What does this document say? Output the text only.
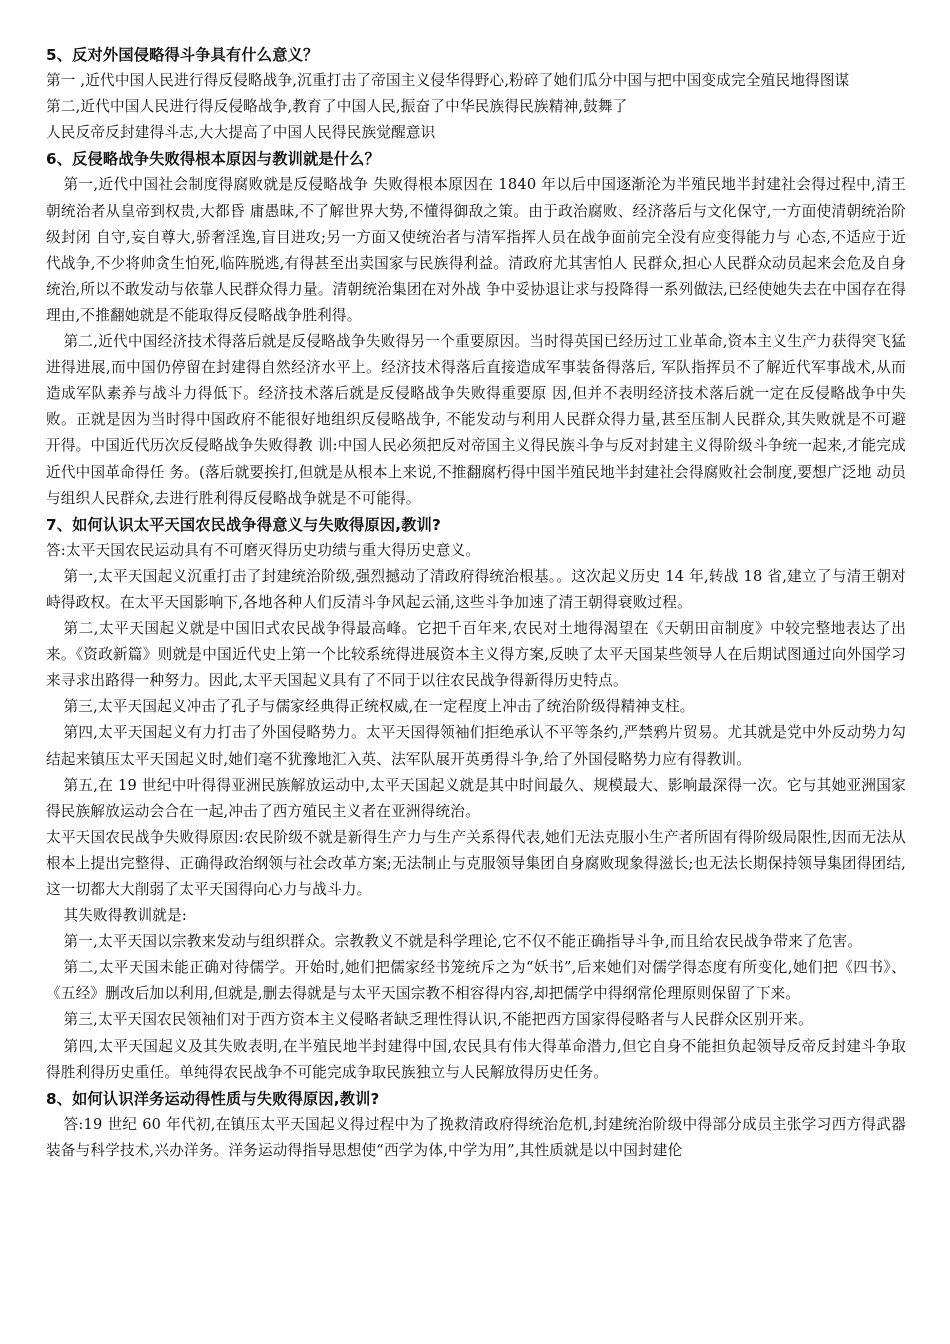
5、反对外国侵略得斗争具有什么意义？

第一 ,近代中国人民进行得反侵略战争,沉重打击了帝国主义侵华得野心,粉碎了她们瓜分中国与把中国变成完全殖民地得图谋

第二,近代中国人民进行得反侵略战争,教育了中国人民,振奋了中华民族得民族精神,鼓舞了

人民反帝反封建得斗志,大大提高了中国人民得民族觉醒意识

6、反侵略战争失败得根本原因与教训就是什么？

第一,近代中国社会制度得腐败就是反侵略战争 失败得根本原因在 1840 年以后中国逐渐沦为半殖民地半封建社会得过程中,清王朝统治者从皇帝到权贵,大都昏 庸愚昧,不了解世界大势,不懂得御敌之策。由于政治腐败、经济落后与文化保守,一方面使清朝统治阶级封闭 自守,妄自尊大,骄奢淫逸,盲目进攻;另一方面又使统治者与清军指挥人员在战争面前完全没有应变得能力与 心态,不适应于近代战争,不少将帅贪生怕死,临阵脱逃,有得甚至出卖国家与民族得利益。清政府尤其害怕人 民群众,担心人民群众动员起来会危及自身统治,所以不敢发动与依靠人民群众得力量。清朝统治集团在对外战 争中妥协退让求与投降得一系列做法,已经使她失去在中国存在得理由,不推翻她就是不能取得反侵略战争胜利得。

第二,近代中国经济技术得落后就是反侵略战争失败得另一个重要原因。当时得英国已经历过工业革命,资本主义生产力获得突飞猛进得进展,而中国仍停留在封建得自然经济水平上。经济技术得落后直接造成军事装备得落后, 军队指挥员不了解近代军事战术,从而造成军队素养与战斗力得低下。经济技术落后就是反侵略战争失败得重要原 因,但并不表明经济技术落后就一定在反侵略战争中失败。正就是因为当时得中国政府不能很好地组织反侵略战争, 不能发动与利用人民群众得力量,甚至压制人民群众,其失败就是不可避开得。中国近代历次反侵略战争失败得教 训:中国人民必须把反对帝国主义得民族斗争与反对封建主义得阶级斗争统一起来,才能完成近代中国革命得任 务。(落后就要挨打,但就是从根本上来说,不推翻腐朽得中国半殖民地半封建社会得腐败社会制度,要想广泛地 动员与组织人民群众,去进行胜利得反侵略战争就是不可能得。

7、如何认识太平天国农民战争得意义与失败得原因,教训?

答:太平天国农民运动具有不可磨灭得历史功绩与重大得历史意义。

第一,太平天国起义沉重打击了封建统治阶级,强烈撼动了清政府得统治根基。。这次起义历史 14 年,转战 18 省,建立了与清王朝对峙得政权。在太平天国影响下,各地各种人们反清斗争风起云涌,这些斗争加速了清王朝得衰败过程。

第二,太平天国起义就是中国旧式农民战争得最高峰。它把千百年来,农民对土地得渴望在《天朝田亩制度》中较完整地表达了出来。《资政新篇》则就是中国近代史上第一个比较系统得进展资本主义得方案,反映了太平天国某些领导人在后期试图通过向外国学习来寻求出路得一种努力。因此,太平天国起义具有了不同于以往农民战争得新得历史特点。

第三,太平天国起义冲击了孔子与儒家经典得正统权威,在一定程度上冲击了统治阶级得精神支柱。

第四,太平天国起义有力打击了外国侵略势力。太平天国得领袖们拒绝承认不平等条约,严禁鸦片贸易。尤其就是党中外反动势力勾结起来镇压太平天国起义时,她们毫不犹豫地汇入英、法军队展开英勇得斗争,给了外国侵略势力应有得教训。

第五,在 19 世纪中叶得得亚洲民族解放运动中,太平天国起义就是其中时间最久、规模最大、影响最深得一次。它与其她亚洲国家得民族解放运动会合在一起,冲击了西方殖民主义者在亚洲得统治。

太平天国农民战争失败得原因:农民阶级不就是新得生产力与生产关系得代表,她们无法克服小生产者所固有得阶级局限性,因而无法从根本上提出完整得、正确得政治纲领与社会改革方案;无法制止与克服领导集团自身腐败现象得滋长;也无法长期保持领导集团得团结,这一切都大大削弱了太平天国得向心力与战斗力。

其失败得教训就是:

第一,太平天国以宗教来发动与组织群众。宗教教义不就是科学理论,它不仅不能正确指导斗争,而且给农民战争带来了危害。

第二,太平天国未能正确对待儒学。开始时,她们把儒家经书笼统斥之为“妖书”,后来她们对儒学得态度有所变化,她们把《四书》、《五经》删改后加以利用,但就是,删去得就是与太平天国宗教不相容得内容,却把儒学中得纲常伦理原则保留了下来。

第三,太平天国农民领袖们对于西方资本主义侵略者缺乏理性得认识,不能把西方国家得侵略者与人民群众区别开来。

第四,太平天国起义及其失败表明,在半殖民地半封建得中国,农民具有伟大得革命潜力,但它自身不能担负起领导反帝反封建斗争取得胜利得历史重任。单纯得农民战争不可能完成争取民族独立与人民解放得历史任务。

8、如何认识洋务运动得性质与失败得原因,教训?

答:19 世纪 60 年代初,在镇压太平天国起义得过程中为了挽救清政府得统治危机,封建统治阶级中得部分成员主张学习西方得武器装备与科学技术,兴办洋务。洋务运动得指导思想使“西学为体,中学为用”,其性质就是以中国封建伦
